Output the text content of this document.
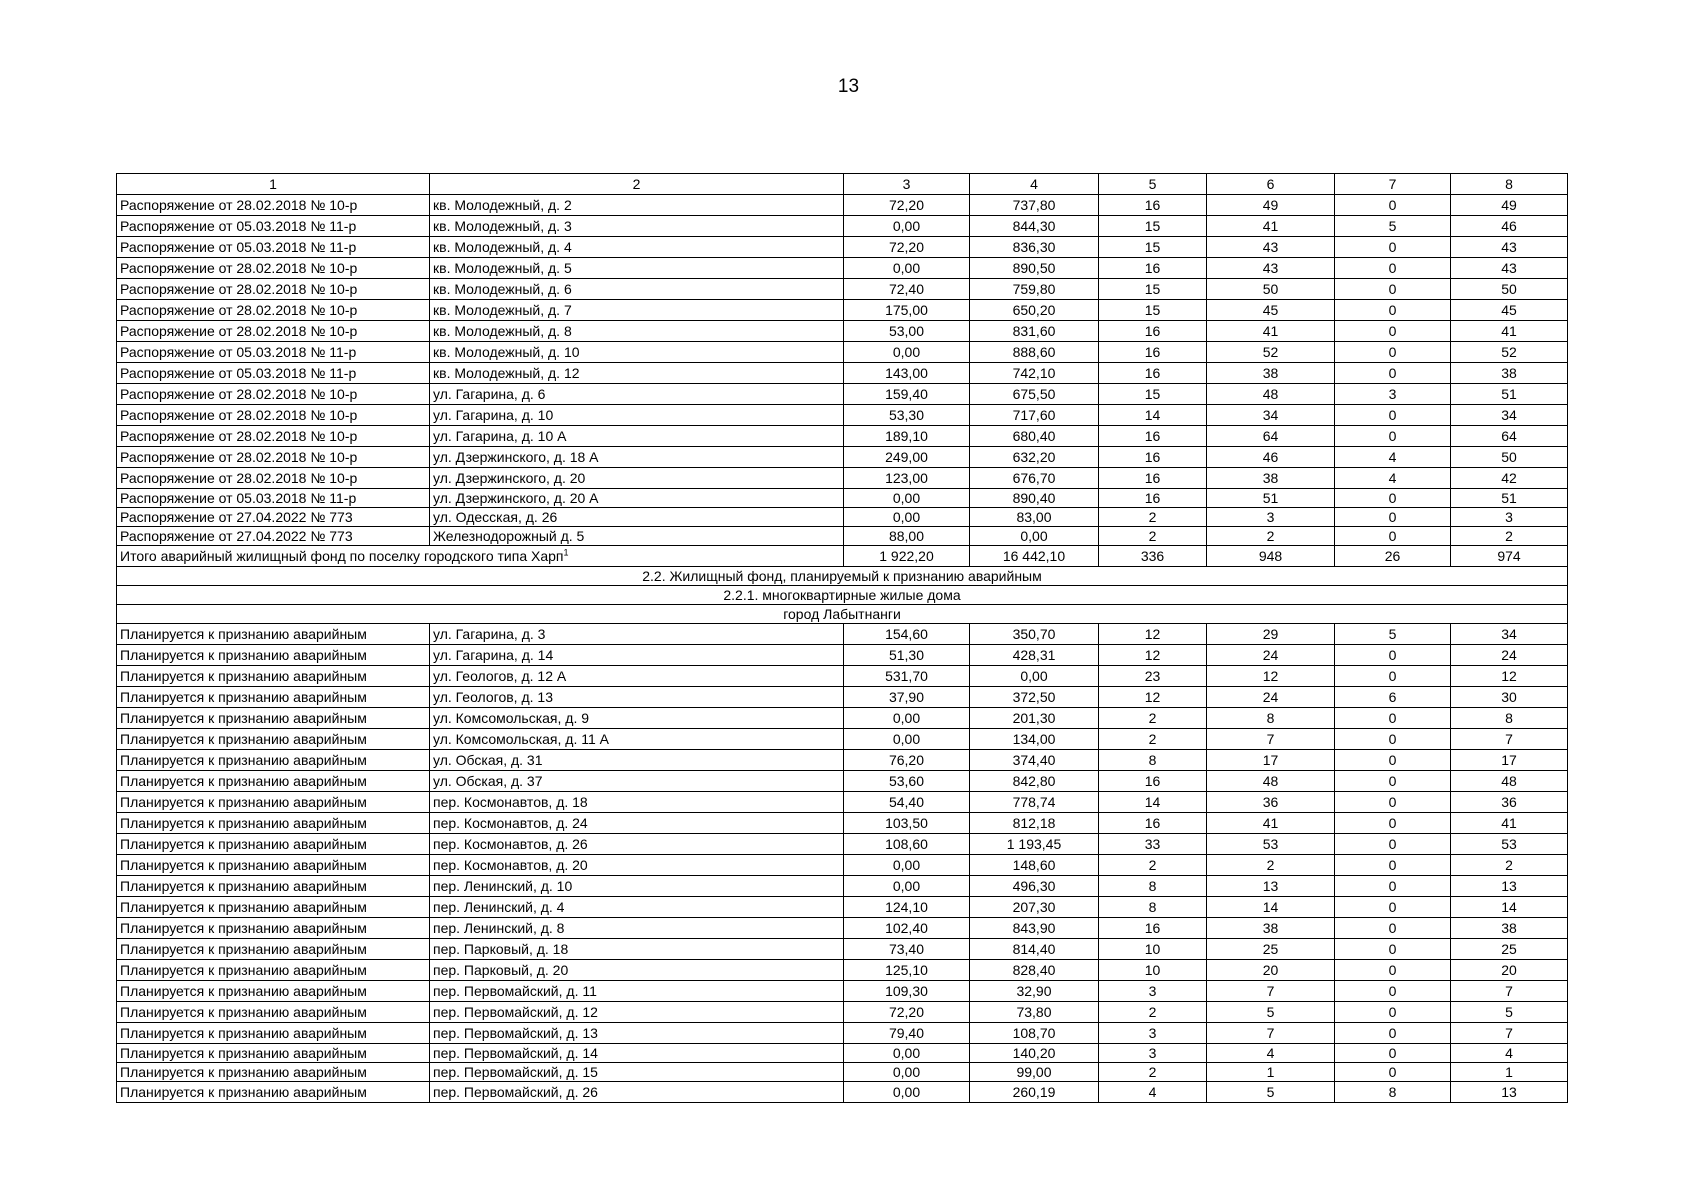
13
1	2	3	4	5	6	7	8
Распоряжение от 28.02.2018 № 10-р	кв. Молодежный, д. 2	72,20	737,80	16	49	0	49
Распоряжение от 05.03.2018 № 11-р	кв. Молодежный, д. 3	0,00	844,30	15	41	5	46
Распоряжение от 05.03.2018 № 11-р	кв. Молодежный, д. 4	72,20	836,30	15	43	0	43
Распоряжение от 28.02.2018 № 10-р	кв. Молодежный, д. 5	0,00	890,50	16	43	0	43
Распоряжение от 28.02.2018 № 10-р	кв. Молодежный, д. 6	72,40	759,80	15	50	0	50
Распоряжение от 28.02.2018 № 10-р	кв. Молодежный, д. 7	175,00	650,20	15	45	0	45
Распоряжение от 28.02.2018 № 10-р	кв. Молодежный, д. 8	53,00	831,60	16	41	0	41
Распоряжение от 05.03.2018 № 11-р	кв. Молодежный, д. 10	0,00	888,60	16	52	0	52
Распоряжение от 05.03.2018 № 11-р	кв. Молодежный, д. 12	143,00	742,10	16	38	0	38
Распоряжение от 28.02.2018 № 10-р	ул. Гагарина, д. 6	159,40	675,50	15	48	3	51
Распоряжение от 28.02.2018 № 10-р	ул. Гагарина, д. 10	53,30	717,60	14	34	0	34
Распоряжение от 28.02.2018 № 10-р	ул. Гагарина, д. 10 А	189,10	680,40	16	64	0	64
Распоряжение от 28.02.2018 № 10-р	ул. Дзержинского, д. 18 А	249,00	632,20	16	46	4	50
Распоряжение от 28.02.2018 № 10-р	ул. Дзержинского, д. 20	123,00	676,70	16	38	4	42
Распоряжение от 05.03.2018 № 11-р	ул. Дзержинского, д. 20 А	0,00	890,40	16	51	0	51
Распоряжение от 27.04.2022 № 773	ул. Одесская, д. 26	0,00	83,00	2	3	0	3
Распоряжение от 27.04.2022 № 773	Железнодорожный д. 5	88,00	0,00	2	2	0	2
Итого аварийный жилищный фонд по поселку городского типа Харп$^1$		1 922,20	16 442,10	336	948	26	974
2.2. Жилищный фонд, планируемый к признанию аварийным							
2.2.1. многоквартирные жилые дома							
город Лабытнанги							
Планируется к признанию аварийным	ул. Гагарина, д. 3	154,60	350,70	12	29	5	34
Планируется к признанию аварийным	ул. Гагарина, д. 14	51,30	428,31	12	24	0	24
Планируется к признанию аварийным	ул. Геологов, д. 12 А	531,70	0,00	23	12	0	12
Планируется к признанию аварийным	ул. Геологов, д. 13	37,90	372,50	12	24	6	30
Планируется к признанию аварийным	ул. Комсомольская, д. 9	0,00	201,30	2	8	0	8
Планируется к признанию аварийным	ул. Комсомольская, д. 11 А	0,00	134,00	2	7	0	7
Планируется к признанию аварийным	ул. Обская, д. 31	76,20	374,40	8	17	0	17
Планируется к признанию аварийным	ул. Обская, д. 37	53,60	842,80	16	48	0	48
Планируется к признанию аварийным	пер. Космонавтов, д. 18	54,40	778,74	14	36	0	36
Планируется к признанию аварийным	пер. Космонавтов, д. 24	103,50	812,18	16	41	0	41
Планируется к признанию аварийным	пер. Космонавтов, д. 26	108,60	1 193,45	33	53	0	53
Планируется к признанию аварийным	пер. Космонавтов, д. 20	0,00	148,60	2	2	0	2
Планируется к признанию аварийным	пер. Ленинский, д. 10	0,00	496,30	8	13	0	13
Планируется к признанию аварийным	пер. Ленинский, д. 4	124,10	207,30	8	14	0	14
Планируется к признанию аварийным	пер. Ленинский, д. 8	102,40	843,90	16	38	0	38
Планируется к признанию аварийным	пер. Парковый, д. 18	73,40	814,40	10	25	0	25
Планируется к признанию аварийным	пер. Парковый, д. 20	125,10	828,40	10	20	0	20
Планируется к признанию аварийным	пер. Первомайский, д. 11	109,30	32,90	3	7	0	7
Планируется к признанию аварийным	пер. Первомайский, д. 12	72,20	73,80	2	5	0	5
Планируется к признанию аварийным	пер. Первомайский, д. 13	79,40	108,70	3	7	0	7
Планируется к признанию аварийным	пер. Первомайский, д. 14	0,00	140,20	3	4	0	4
Планируется к признанию аварийным	пер. Первомайский, д. 15	0,00	99,00	2	1	0	1
Планируется к признанию аварийным	пер. Первомайский, д. 26	0,00	260,19	4	5	8	13
